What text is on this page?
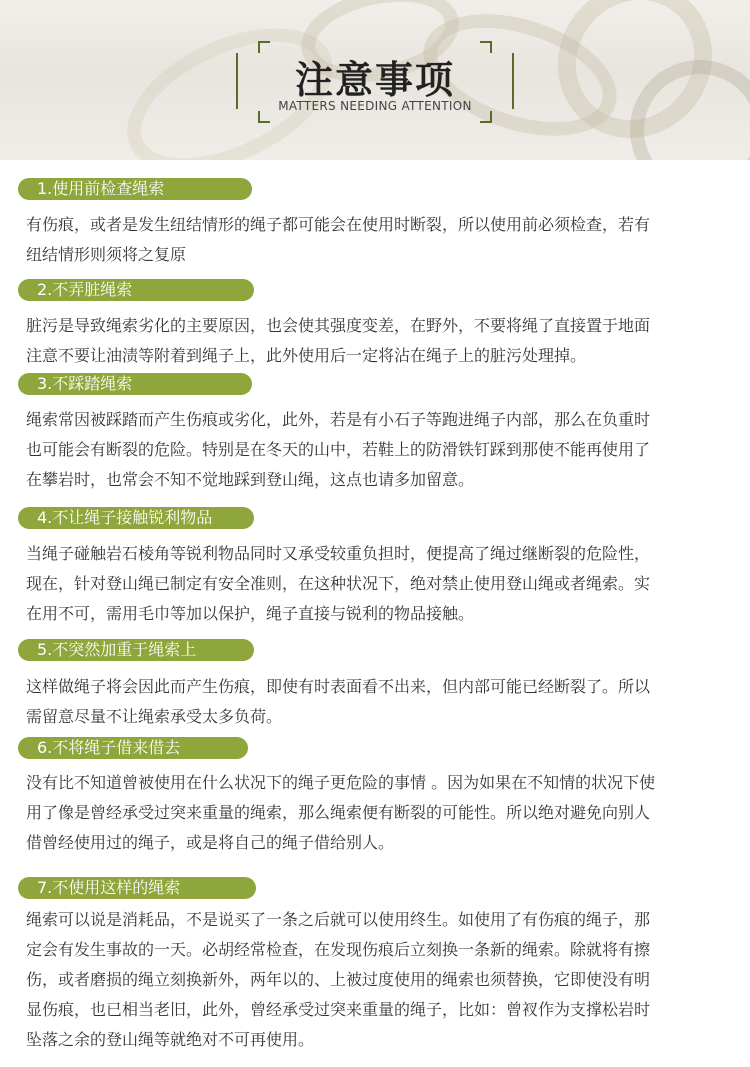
注意事项
MATTERS NEEDING ATTENTION
1.使用前检查绳索
有伤痕，或者是发生纽结情形的绳子都可能会在使用时断裂，所以使用前必须检查，若有
纽结情形则须将之复原
2.不弄脏绳索
脏污是导致绳索劣化的主要原因，也会使其强度变差，在野外，不要将绳了直接置于地面
注意不要让油渍等附着到绳子上，此外使用后一定将沾在绳子上的脏污处理掉。
3.不踩踏绳索
绳索常因被踩踏而产生伤痕或劣化，此外，若是有小石子等跑进绳子内部，那么在负重时
也可能会有断裂的危险。特别是在冬天的山中，若鞋上的防滑铁钉踩到那使不能再使用了
在攀岩时，也常会不知不觉地踩到登山绳，这点也请多加留意。
4.不让绳子接触锐利物品
当绳子碰触岩石棱角等锐利物品同时又承受较重负担时，便提高了绳过继断裂的危险性，
现在，针对登山绳已制定有安全准则，在这种状况下，绝对禁止使用登山绳或者绳索。实
在用不可，需用毛巾等加以保护，绳子直接与锐利的物品接触。
5.不突然加重于绳索上
这样做绳子将会因此而产生伤痕，即使有时表面看不出来，但内部可能已经断裂了。所以
需留意尽量不让绳索承受太多负荷。
6.不将绳子借来借去
没有比不知道曾被使用在什么状况下的绳子更危险的事情 。因为如果在不知情的状况下使
用了像是曾经承受过突来重量的绳索，那么绳索便有断裂的可能性。所以绝对避免向别人
借曾经使用过的绳子，或是将自己的绳子借给别人。
7.不使用这样的绳索
绳索可以说是消耗品，不是说买了一条之后就可以使用终生。如使用了有伤痕的绳子，那
定会有发生事故的一天。必胡经常检查，在发现伤痕后立刻换一条新的绳索。除就将有擦
伤，或者磨损的绳立刻换新外，两年以的、上被过度使用的绳索也须替换，它即使没有明
显伤痕，也已相当老旧，此外，曾经承受过突来重量的绳子，比如：曾衩作为支撑松岩时
坠落之余的登山绳等就绝对不可再使用。
